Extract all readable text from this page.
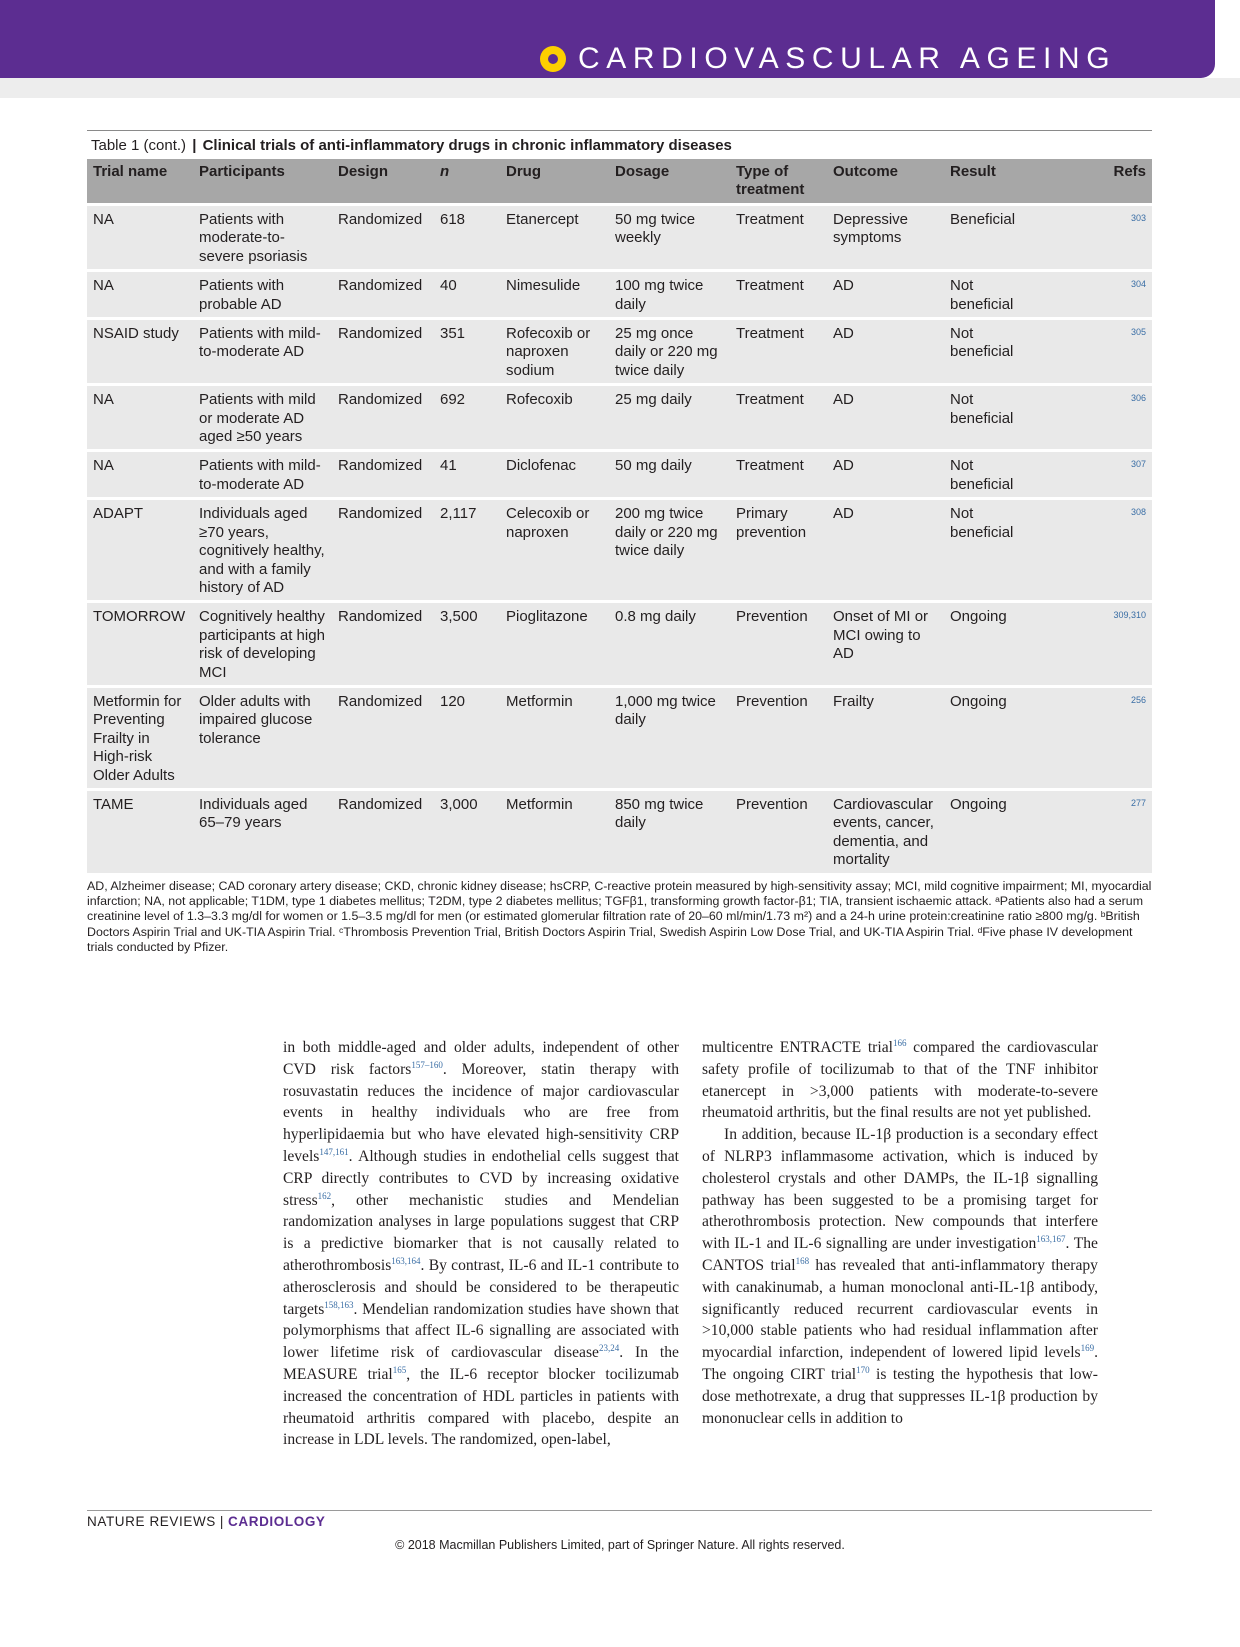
CARDIOVASCULAR AGEING
Table 1 (cont.) | Clinical trials of anti-inflammatory drugs in chronic inflammatory diseases
Trial name	Participants	Design	n	Drug	Dosage	Type of treatment	Outcome	Result	Refs
NA	Patients with moderate-to-severe psoriasis	Randomized	618	Etanercept	50 mg twice weekly	Treatment	Depressive symptoms	Beneficial	303
NA	Patients with probable AD	Randomized	40	Nimesulide	100 mg twice daily	Treatment	AD	Not beneficial	304
NSAID study	Patients with mild-to-moderate AD	Randomized	351	Rofecoxib or naproxen sodium	25 mg once daily or 220 mg twice daily	Treatment	AD	Not beneficial	305
NA	Patients with mild or moderate AD aged ≥50 years	Randomized	692	Rofecoxib	25 mg daily	Treatment	AD	Not beneficial	306
NA	Patients with mild-to-moderate AD	Randomized	41	Diclofenac	50 mg daily	Treatment	AD	Not beneficial	307
ADAPT	Individuals aged ≥70 years, cognitively healthy, and with a family history of AD	Randomized	2,117	Celecoxib or naproxen	200 mg twice daily or 220 mg twice daily	Primary prevention	AD	Not beneficial	308
TOMORROW	Cognitively healthy participants at high risk of developing MCI	Randomized	3,500	Pioglitazone	0.8 mg daily	Prevention	Onset of MI or MCI owing to AD	Ongoing	309,310
Metformin for Preventing Frailty in High-risk Older Adults	Older adults with impaired glucose tolerance	Randomized	120	Metformin	1,000 mg twice daily	Prevention	Frailty	Ongoing	256
TAME	Individuals aged 65–79 years	Randomized	3,000	Metformin	850 mg twice daily	Prevention	Cardiovascular events, cancer, dementia, and mortality	Ongoing	277
AD, Alzheimer disease; CAD coronary artery disease; CKD, chronic kidney disease; hsCRP, C-reactive protein measured by high-sensitivity assay; MCI, mild cognitive impairment; MI, myocardial infarction; NA, not applicable; T1DM, type 1 diabetes mellitus; T2DM, type 2 diabetes mellitus; TGFβ1, transforming growth factor-β1; TIA, transient ischaemic attack. ᵃPatients also had a serum creatinine level of 1.3–3.3 mg/dl for women or 1.5–3.5 mg/dl for men (or estimated glomerular filtration rate of 20–60 ml/min/1.73 m²) and a 24-h urine protein:creatinine ratio ≥800 mg/g. ᵇBritish Doctors Aspirin Trial and UK-TIA Aspirin Trial. ᶜThrombosis Prevention Trial, British Doctors Aspirin Trial, Swedish Aspirin Low Dose Trial, and UK-TIA Aspirin Trial. ᵈFive phase IV development trials conducted by Pfizer.

in both middle-aged and older adults, independent of other CVD risk factors$^{157-160}$. Moreover, statin therapy with rosuvastatin reduces the incidence of major cardiovascular events in healthy individuals who are free from hyperlipidaemia but who have elevated high-sensitivity CRP levels$^{147,161}$. Although studies in endothelial cells suggest that CRP directly contributes to CVD by increasing oxidative stress$^{162}$, other mechanistic studies and Mendelian randomization analyses in large populations suggest that CRP is a predictive biomarker that is not causally related to atherothrombosis$^{163,164}$. By contrast, IL-6 and IL-1 contribute to atherosclerosis and should be considered to be therapeutic targets$^{158,163}$. Mendelian randomization studies have shown that polymorphisms that affect IL-6 signalling are associated with lower lifetime risk of cardiovascular disease$^{23,24}$. In the MEASURE trial$^{165}$, the IL-6 receptor blocker tocilizumab increased the concentration of HDL particles in patients with rheumatoid arthritis compared with placebo, despite an increase in LDL levels. The randomized, open-label,

multicentre ENTRACTE trial$^{166}$ compared the cardiovascular safety profile of tocilizumab to that of the TNF inhibitor etanercept in >3,000 patients with moderate-to-severe rheumatoid arthritis, but the final results are not yet published.

In addition, because IL-1β production is a secondary effect of NLRP3 inflammasome activation, which is induced by cholesterol crystals and other DAMPs, the IL-1β signalling pathway has been suggested to be a promising target for atherothrombosis protection. New compounds that interfere with IL-1 and IL-6 signalling are under investigation$^{163,167}$. The CANTOS trial$^{168}$ has revealed that anti-inflammatory therapy with canakinumab, a human monoclonal anti-IL-1β antibody, significantly reduced recurrent cardiovascular events in >10,000 stable patients who had residual inflammation after myocardial infarction, independent of lowered lipid levels$^{169}$. The ongoing CIRT trial$^{170}$ is testing the hypothesis that low-dose methotrexate, a drug that suppresses IL-1β production by mononuclear cells in addition to

NATURE REVIEWS | CARDIOLOGY
© 2018 Macmillan Publishers Limited, part of Springer Nature. All rights reserved.
